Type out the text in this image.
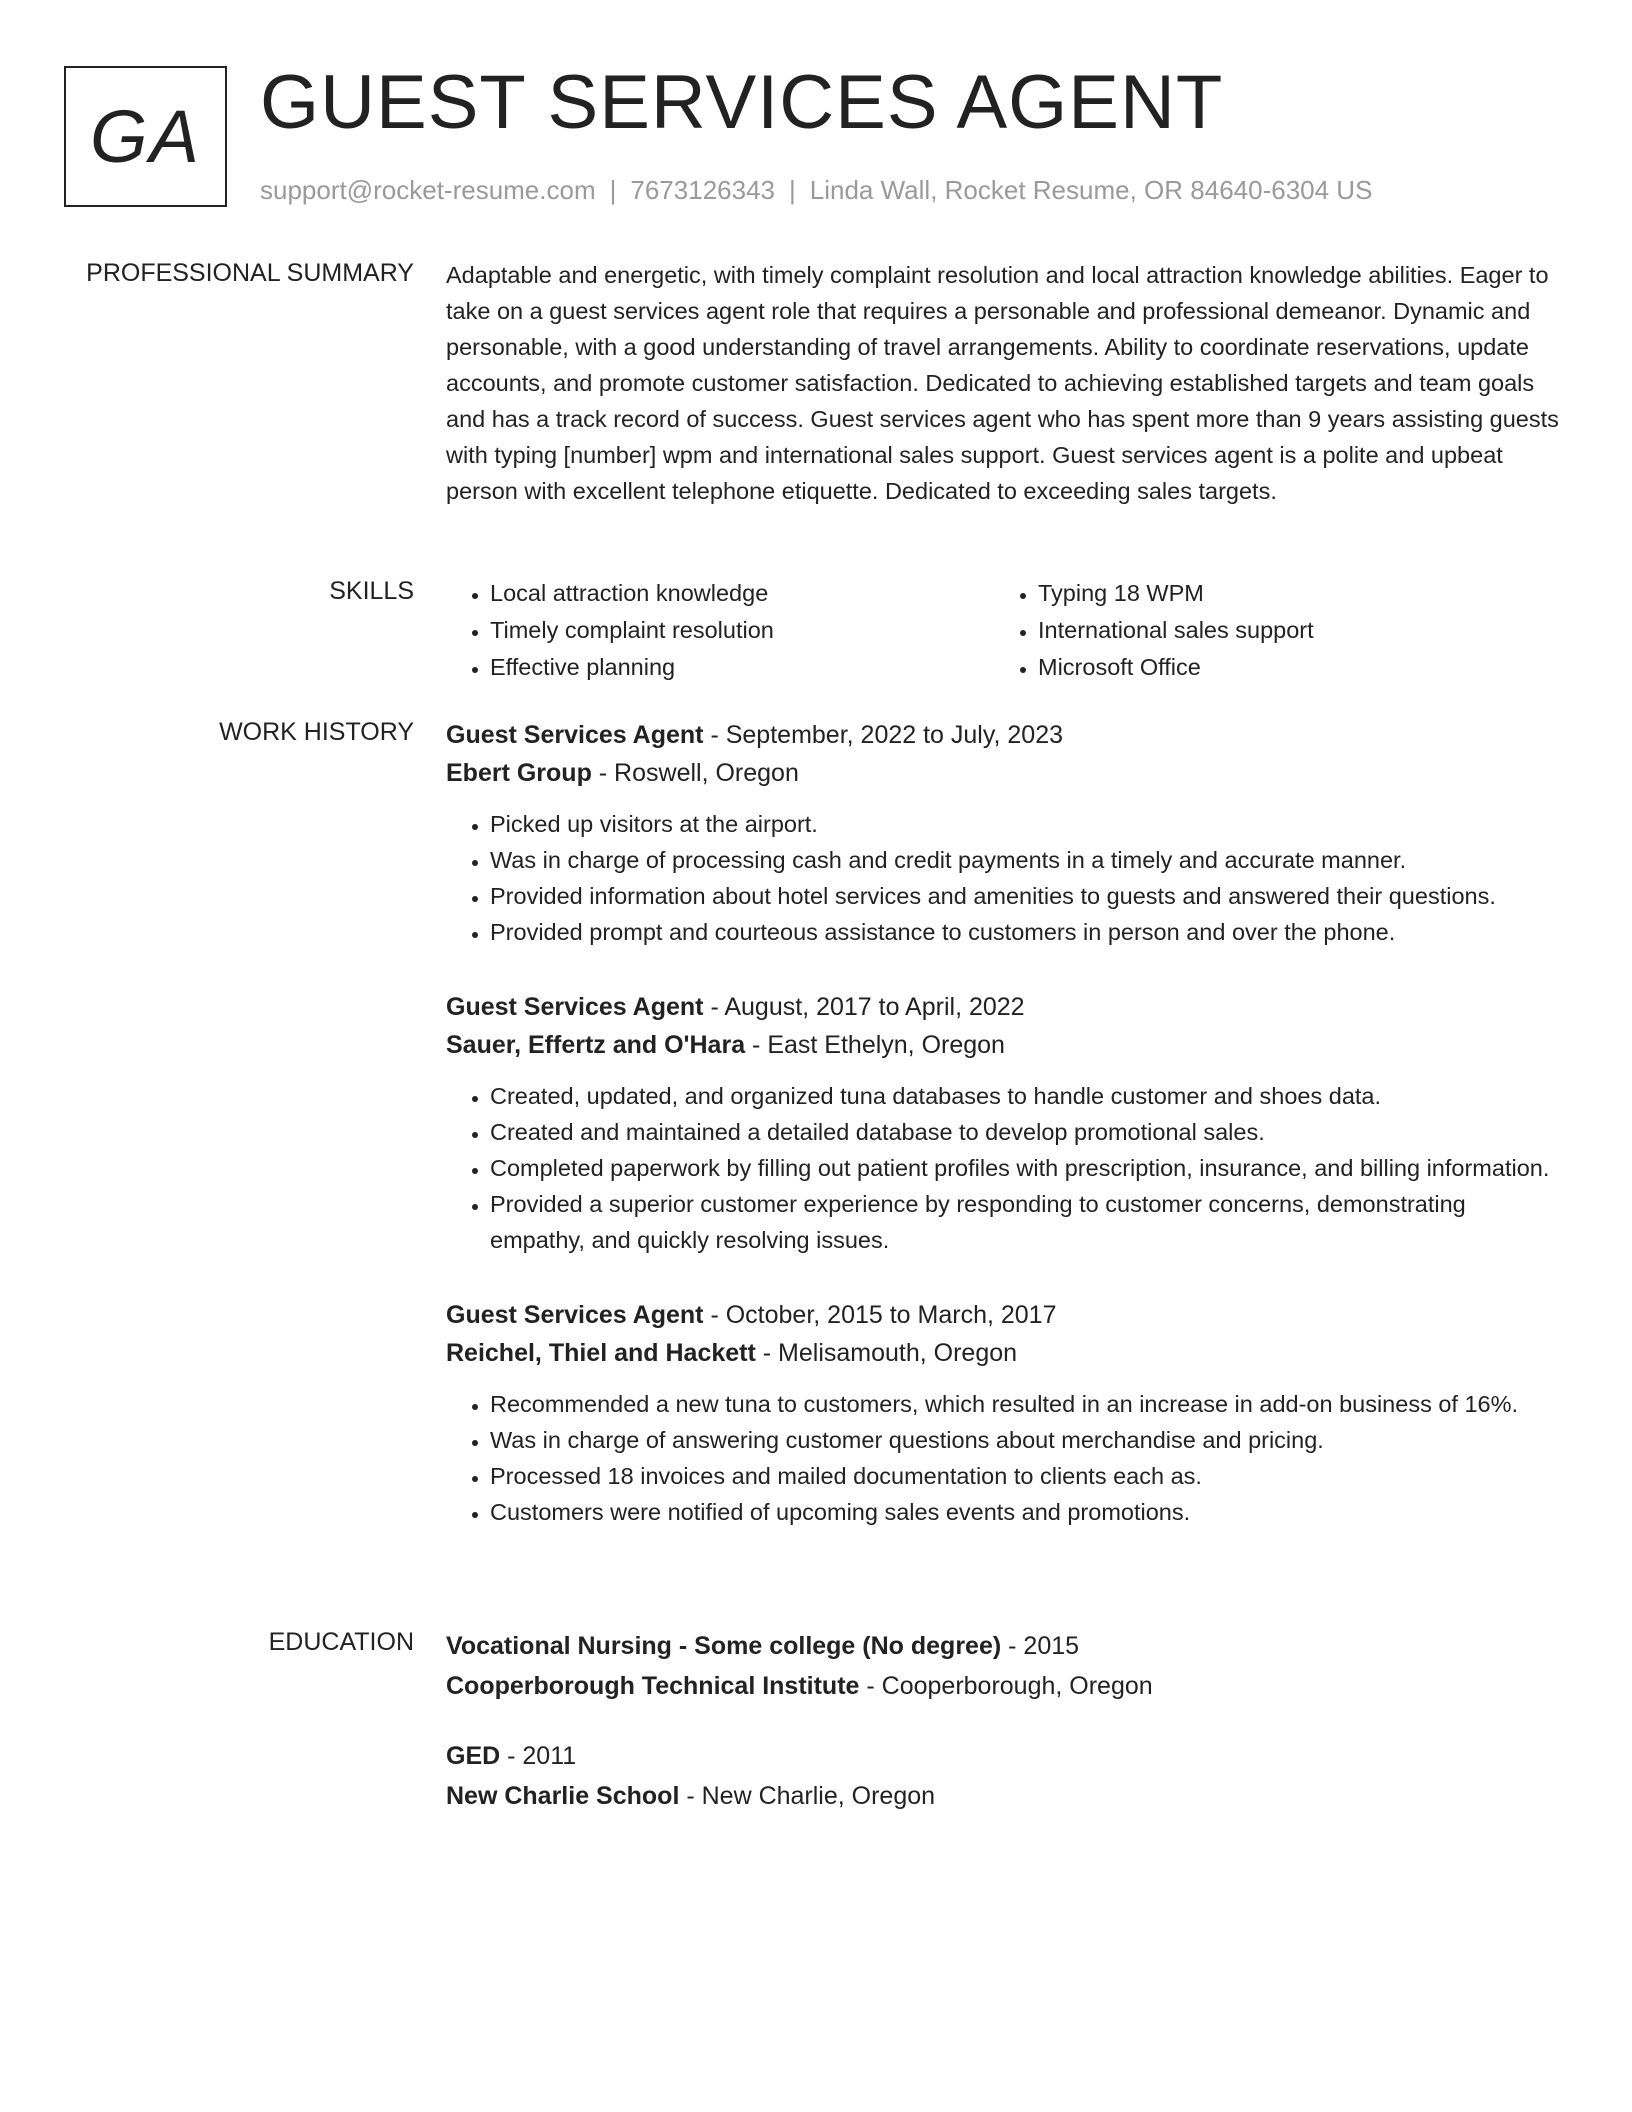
GA GUEST SERVICES AGENT
support@rocket-resume.com | 7673126343 | Linda Wall, Rocket Resume, OR 84640-6304 US
PROFESSIONAL SUMMARY Adaptable and energetic, with timely complaint resolution and local attraction knowledge abilities. Eager to take on a guest services agent role that requires a personable and professional demeanor. Dynamic and personable, with a good understanding of travel arrangements. Ability to coordinate reservations, update accounts, and promote customer satisfaction. Dedicated to achieving established targets and team goals and has a track record of success. Guest services agent who has spent more than 9 years assisting guests with typing [number] wpm and international sales support. Guest services agent is a polite and upbeat person with excellent telephone etiquette. Dedicated to exceeding sales targets.

SKILLS
•	Local attraction knowledge
• Timely complaint resolution
• Effective planning
• Typing 18 WPM
• International sales support
• Microsoft Office
WORK HISTORY Guest Services Agent - September, 2022 to July, 2023
Ebert Group - Roswell, Oregon
• Picked up visitors at the airport.
• Was in charge of processing cash and credit payments in a timely and accurate manner.
• Provided information about hotel services and amenities to guests and answered their questions.
• Provided prompt and courteous assistance to customers in person and over the phone.
Guest Services Agent - August, 2017 to April, 2022
Sauer, Effertz and O'Hara - East Ethelyn, Oregon
• Created, updated, and organized tuna databases to handle customer and shoes data.
• Created and maintained a detailed database to develop promotional sales.
• Completed paperwork by filling out patient profiles with prescription, insurance, and billing information.
• Provided a superior customer experience by responding to customer concerns, demonstrating empathy, and quickly resolving issues.
Guest Services Agent - October, 2015 to March, 2017
Reichel, Thiel and Hackett - Melisamouth, Oregon
• Recommended a new tuna to customers, which resulted in an increase in add-on business of 16%.
• Was in charge of answering customer questions about merchandise and pricing.
• Processed 18 invoices and mailed documentation to clients each as.
• Customers were notified of upcoming sales events and promotions.
EDUCATION Vocational Nursing - Some college (No degree) - 2015
Cooperborough Technical Institute - Cooperborough, Oregon
GED - 2011
New Charlie School - New Charlie, Oregon
